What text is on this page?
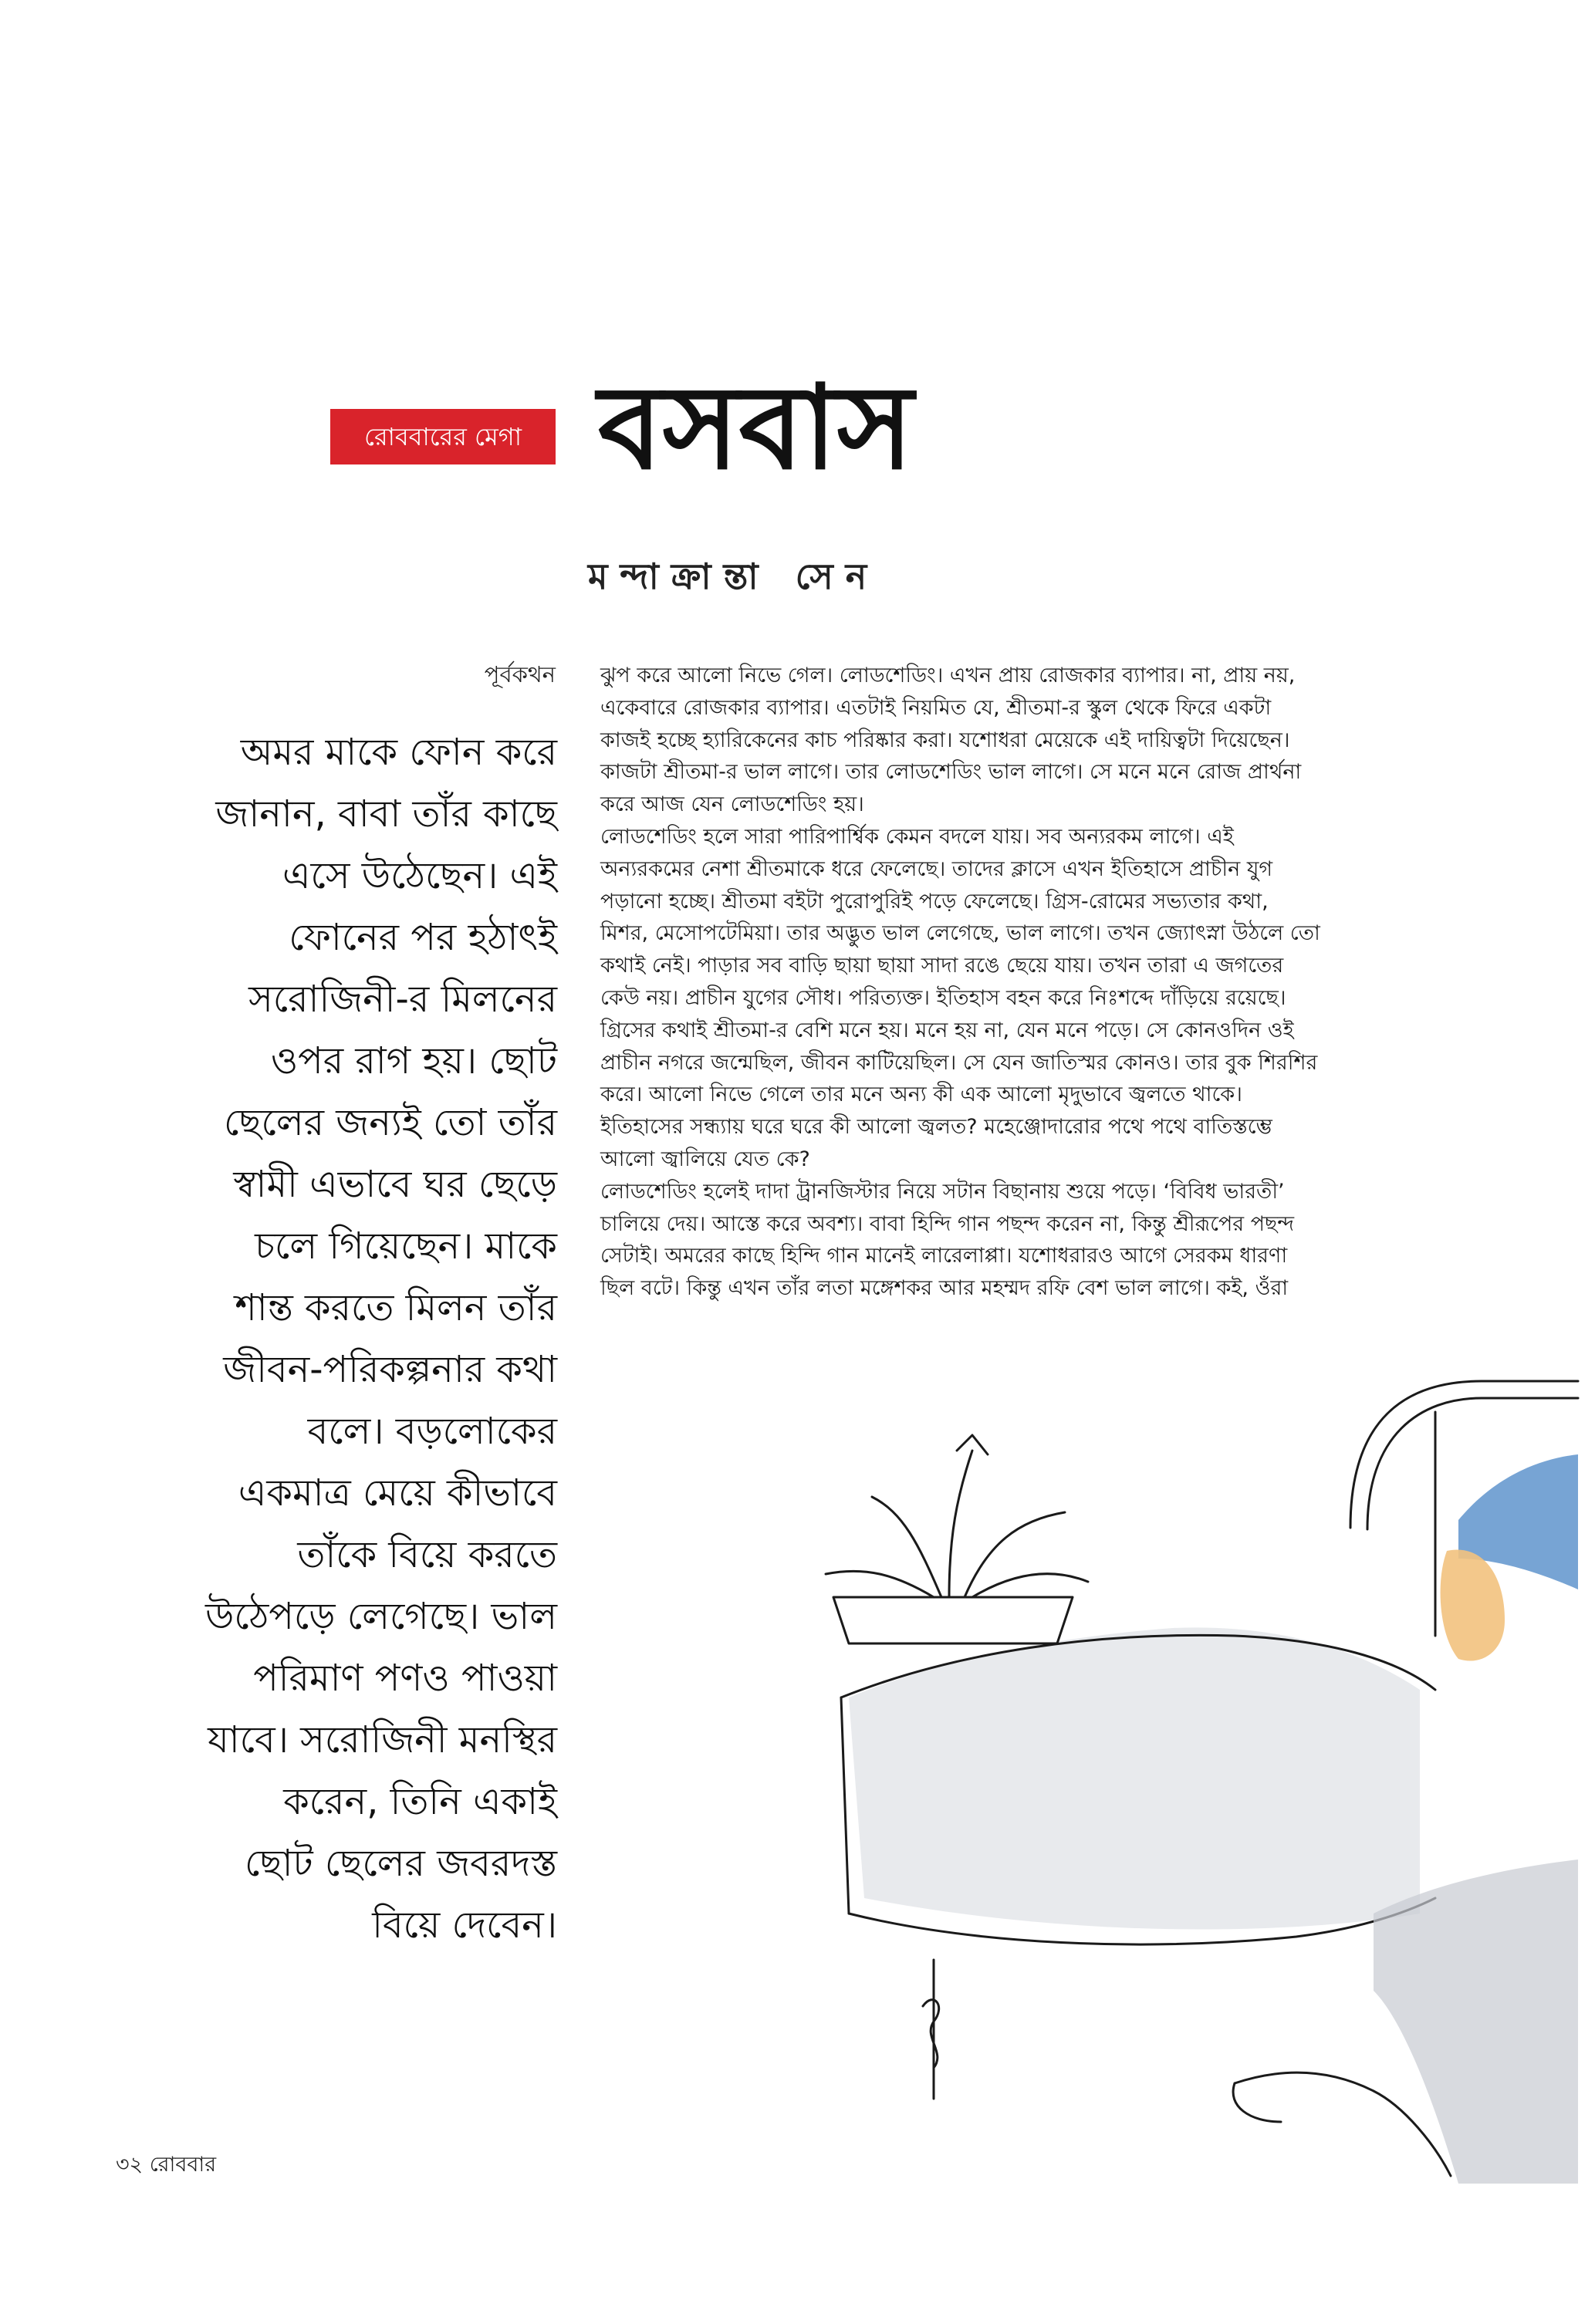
রোববারের মেগা বসবাস
মন্দাক্রান্তা সেন
পূর্বকথন
অমর মাকে ফোন করে
জানান, বাবা তাঁর কাছে
এসে উঠেছেন। এই
ফোনের পর হঠাৎই
সরোজিনী-র মিলনের
ওপর রাগ হয়। ছোট
ছেলের জন্যই তো তাঁর
স্বামী এভাবে ঘর ছেড়ে
চলে গিয়েছেন। মাকে
শান্ত করতে মিলন তাঁর
জীবন-পরিকল্পনার কথা
বলে। বড়লোকের
একমাত্র মেয়ে কীভাবে
তাঁকে বিয়ে করতে
উঠেপড়ে লেগেছে। ভাল
পরিমাণ পণও পাওয়া
যাবে। সরোজিনী মনস্থির
করেন, তিনি একাই
ছোট ছেলের জবরদস্ত
বিয়ে দেবেন।
ঝুপ করে আলো নিভে গেল। লোডশেডিং। এখন প্রায় রোজকার ব্যাপার। না, প্রায় নয়,
একেবারে রোজকার ব্যাপার। এতটাই নিয়মিত যে, শ্রীতমা-র স্কুল থেকে ফিরে একটা
কাজই হচ্ছে হ্যারিকেনের কাচ পরিষ্কার করা। যশোধরা মেয়েকে এই দায়িত্বটা দিয়েছেন।
কাজটা শ্রীতমা-র ভাল লাগে। তার লোডশেডিং ভাল লাগে। সে মনে মনে রোজ প্রার্থনা
করে আজ যেন লোডশেডিং হয়।
লোডশেডিং হলে সারা পারিপার্শ্বিক কেমন বদলে যায়। সব অন্যরকম লাগে। এই
অন্যরকমের নেশা শ্রীতমাকে ধরে ফেলেছে। তাদের ক্লাসে এখন ইতিহাসে প্রাচীন যুগ
পড়ানো হচ্ছে। শ্রীতমা বইটা পুরোপুরিই পড়ে ফেলেছে। গ্রিস-রোমের সভ্যতার কথা,
মিশর, মেসোপটেমিয়া। তার অদ্ভুত ভাল লেগেছে, ভাল লাগে। তখন জ্যোৎস্না উঠলে তো
কথাই নেই। পাড়ার সব বাড়ি ছায়া ছায়া সাদা রঙে ছেয়ে যায়। তখন তারা এ জগতের
কেউ নয়। প্রাচীন যুগের সৌধ। পরিত্যক্ত। ইতিহাস বহন করে নিঃশব্দে দাঁড়িয়ে রয়েছে।
গ্রিসের কথাই শ্রীতমা-র বেশি মনে হয়। মনে হয় না, যেন মনে পড়ে। সে কোনওদিন ওই
প্রাচীন নগরে জন্মেছিল, জীবন কাটিয়েছিল। সে যেন জাতিস্মর কোনও। তার বুক শিরশির
করে। আলো নিভে গেলে তার মনে অন্য কী এক আলো মৃদুভাবে জ্বলতে থাকে।
ইতিহাসের সন্ধ্যায় ঘরে ঘরে কী আলো জ্বলত? মহেঞ্জোদারোর পথে পথে বাতিস্তম্ভে
আলো জ্বালিয়ে যেত কে?
লোডশেডিং হলেই দাদা ট্রানজিস্টার নিয়ে সটান বিছানায় শুয়ে পড়ে। ‘বিবিধ ভারতী’
চালিয়ে দেয়। আস্তে করে অবশ্য। বাবা হিন্দি গান পছন্দ করেন না, কিন্তু শ্রীরূপের পছন্দ
সেটাই। অমরের কাছে হিন্দি গান মানেই লারেলাপ্পা। যশোধরারও আগে সেরকম ধারণা
ছিল বটে। কিন্তু এখন তাঁর লতা মঙ্গেশকর আর মহম্মদ রফি বেশ ভাল লাগে। কই, ওঁরা
৩২ রোববার
